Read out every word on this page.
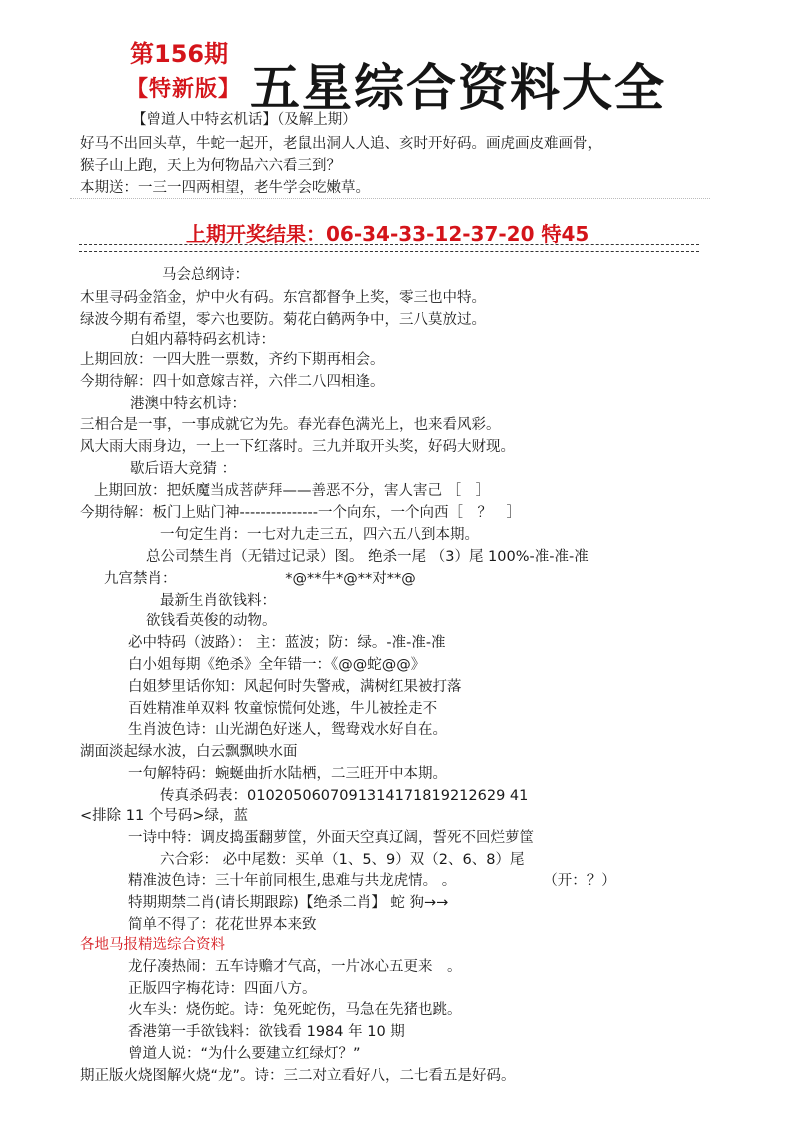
第156期
【特新版】 五星综合资料大全
【曾道人中特玄机话】（及解上期）
好马不出回头草，牛蛇一起开，老鼠出洞人人追、亥时开好码。画虎画皮难画骨，
猴子山上跑，天上为何物品六六看三到？
本期送：一三一四两相望，老牛学会吃嫩草。
上期开奖结果：06-34-33-12-37-20 特45
马会总纲诗：
木里寻码金箔金，炉中火有码。东宫都督争上奖，零三也中特。
绿波今期有希望，零六也要防。菊花白鹤两争中，三八莫放过。
白姐内幕特码玄机诗：
上期回放：一四大胜一票数，齐约下期再相会。
今期待解：四十如意嫁吉祥，六伴二八四相逢。
港澳中特玄机诗：
三相合是一事，一事成就它为先。春光春色满光上，也来看风彩。
风大雨大雨身边，一上一下红落时。三九并取开头奖，好码大财现。
歇后语大竞猜 ：
上期回放：把妖魔当成菩萨拜——善恶不分，害人害己 ［　］
今期待解：板门上贴门神---------------一个向东，一个向西［　？　］
一句定生肖：一七对九走三五，四六五八到本期。
总公司禁生肖（无错过记录）图。 绝杀一尾 （3）尾 100%-准-准-准
九宫禁肖：　　　　　　　　*@**牛*@**对**@
最新生肖欲钱料：
欲钱看英俊的动物。
必中特码（波路）： 主：蓝波；防：绿。-准-准-准
白小姐每期《绝杀》全年错一：《@@蛇@@》
白姐梦里话你知：风起何时失警戒，满树红果被打落
百姓精准单双料 牧童惊慌何处逃，牛儿被拴走不
生肖波色诗：山光湖色好迷人，鸳鸯戏水好自在。
湖面淡起绿水波，白云飘飘映水面
一句解特码：蜿蜒曲折水陆栖，二三旺开中本期。
传真杀码表：0102050607091314171819212629 41
<排除 11 个号码>绿，蓝
一诗中特：调皮捣蛋翻萝筐，外面天空真辽阔，誓死不回烂萝筐
六合彩： 必中尾数：买单（1、5、9）双（2、6、8）尾
精准波色诗：三十年前同根生,患难与共龙虎情。 。　　　　　　　（开：？）
特期期禁二肖(请长期跟踪)【绝杀二肖】 蛇 狗→→
简单不得了：花花世界本来致
各地马报精选综合资料
龙仔凑热闹：五车诗赡才气高，一片冰心五更来　。
正版四字梅花诗：四面八方。
火车头：烧伤蛇。诗：兔死蛇伤，马急在先猪也跳。
香港第一手欲钱料：欲钱看 1984 年 10 期
曾道人说：“为什么要建立红绿灯？”
期正版火烧图解火烧“龙”。诗：三二对立看好八，二七看五是好码。
